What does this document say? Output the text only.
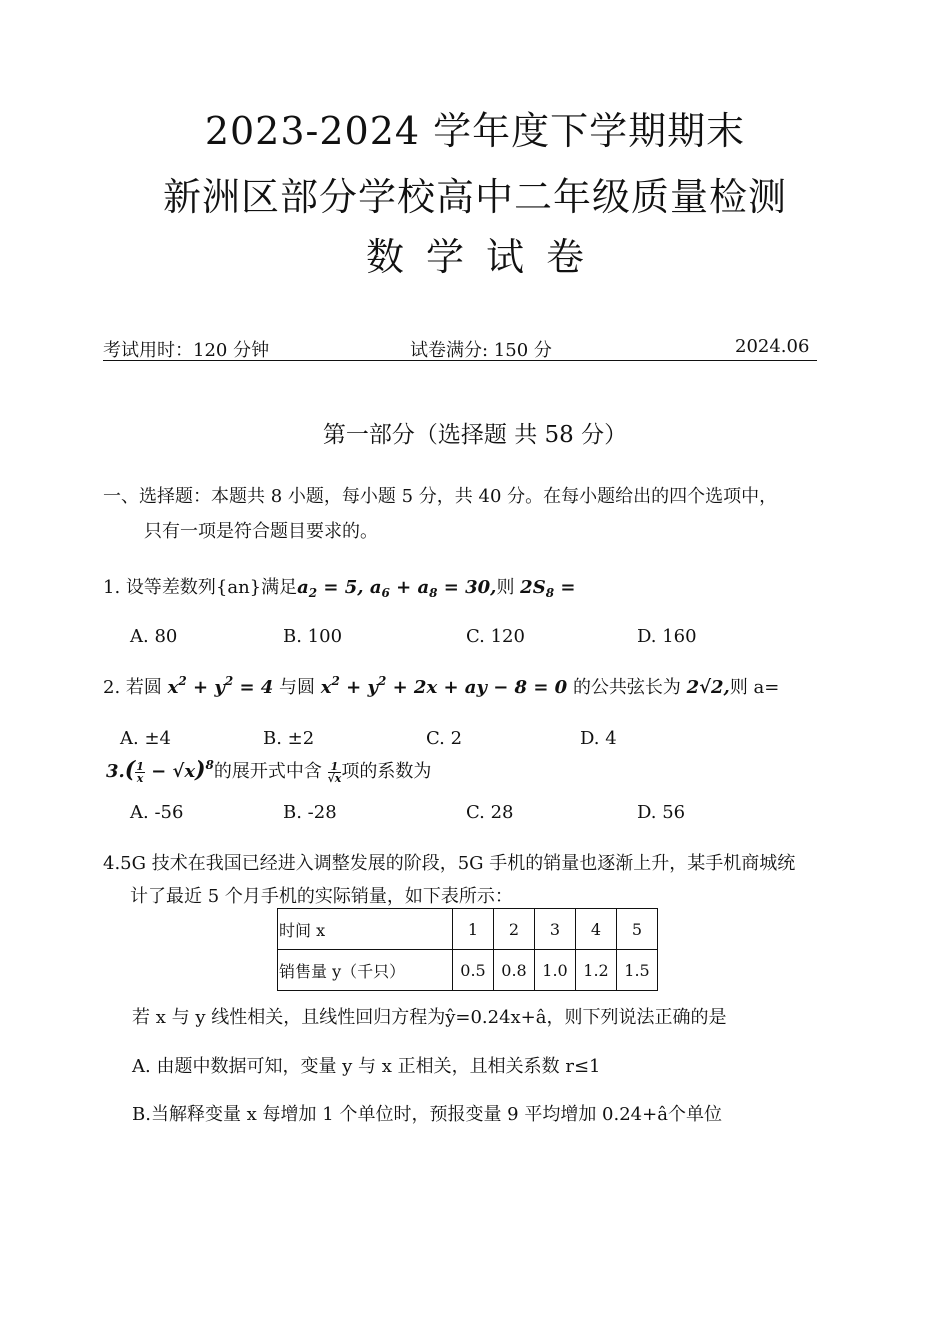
2023-2024 学年度下学期期末
新洲区部分学校高中二年级质量检测
数学试卷
考试用时：120 分钟	试卷满分: 150 分	2024.06
第一部分（选择题 共 58 分）
一、选择题：本题共 8 小题，每小题 5 分，共 40 分。在每小题给出的四个选项中，
只有一项是符合题目要求的。
1. 设等差数列{an}满足$a_2 = 5$, $a_6 + a_8 = 30$,则 $2S_8$ =
A. 80	B. 100	C. 120	D. 160
2. 若圆 $x^2 + y^2 = 4$ 与圆 $x^2 + y^2 + 2x$ + ay − 8 = 0 的公共弦长为 2√2,则 a=
A. ±4	B. ±2	C. 2	D. 4
$3.( \frac{1}{x} - √x)^8$的展开式中含 $\frac{1}{√x}$ 项的系数为
A. -56	B. -28	C. 28	D. 56
4.5G 技术在我国已经进入调整发展的阶段，5G 手机的销量也逐渐上升，某手机商城统
计了最近 5 个月手机的实际销量，如下表所示：
时间 x	1	2	3	4	5
销售量 y（千只）	0.5	0.8	1.0	1.2	1.5
若 x 与 y 线性相关，且线性回归方程为ŷ=0.24x+â，则下列说法正确的是
A. 由题中数据可知，变量 y 与 x 正相关，且相关系数 r≤1
B.当解释变量 x 每增加 1 个单位时，预报变量 9 平均增加 0.24+â个单位
